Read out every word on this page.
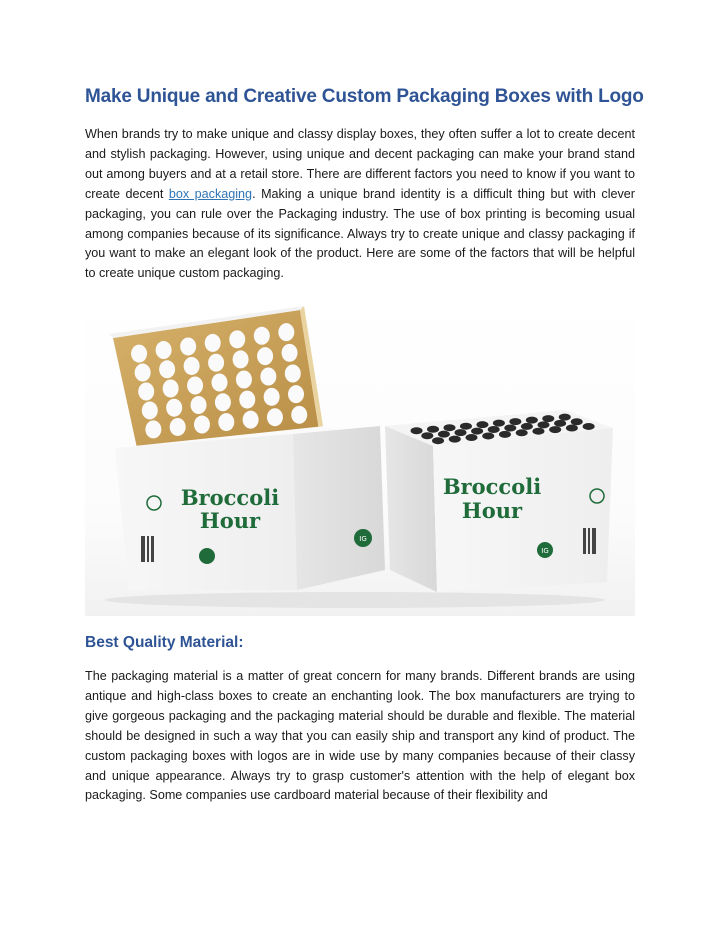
Make Unique and Creative Custom Packaging Boxes with Logo

When brands try to make unique and classy display boxes, they often suffer a lot to create decent and stylish packaging. However, using unique and decent packaging can make your brand stand out among buyers and at a retail store. There are different factors you need to know if you want to create decent box packaging. Making a unique brand identity is a difficult thing but with clever packaging, you can rule over the Packaging industry. The use of box printing is becoming usual among companies because of its significance. Always try to create unique and classy packaging if you want to make an elegant look of the product. Here are some of the factors that will be helpful to create unique custom packaging.

Best Quality Material:

The packaging material is a matter of great concern for many brands. Different brands are using antique and high-class boxes to create an enchanting look. The box manufacturers are trying to give gorgeous packaging and the packaging material should be durable and flexible. The material should be designed in such a way that you can easily ship and transport any kind of product. The custom packaging boxes with logos are in wide use by many companies because of their classy and unique appearance. Always try to grasp customer's attention with the help of elegant box packaging. Some companies use cardboard material because of their flexibility and

Broccoli
Hour
IG
Broccoli
Hour
IG
